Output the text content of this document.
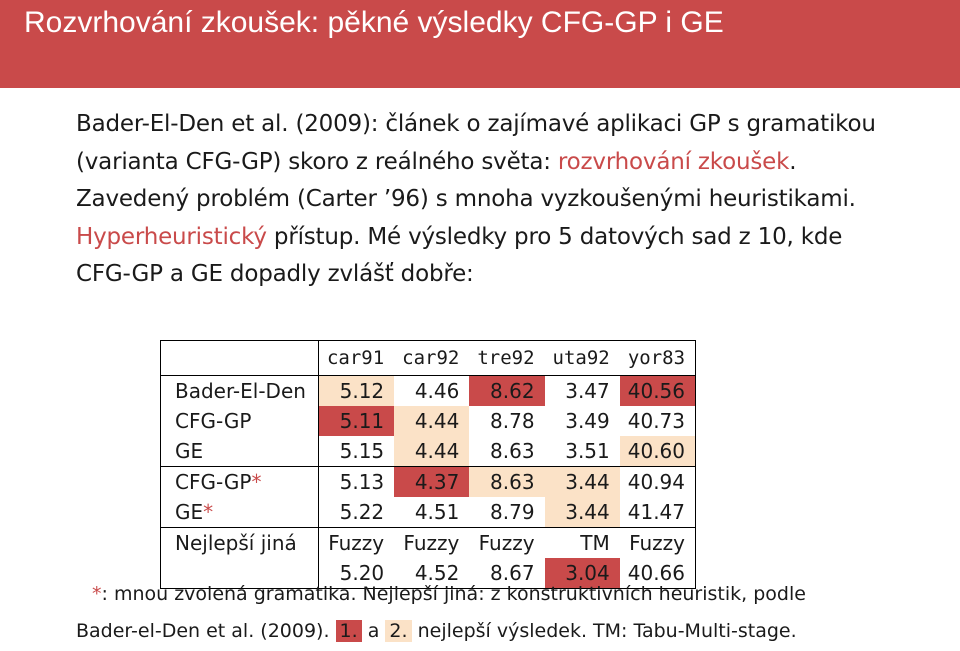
Rozvrhování zkoušek: pěkné výsledky CFG-GP i GE
Bader-El-Den et al. (2009): článek o zajímavé aplikaci GP s gramatikou (varianta CFG-GP) skoro z reálného světa: rozvrhování zkoušek. Zavedený problém (Carter ’96) s mnoha vyzkoušenými heuristikami. Hyperheuristický přístup. Mé výsledky pro 5 datových sad z 10, kde CFG-GP a GE dopadly zvlášť dobře:
	car91	car92	tre92	uta92	yor83
Bader-El-Den	5.12	4.46	8.62	3.47	40.56
CFG-GP	5.11	4.44	8.78	3.49	40.73
GE	5.15	4.44	8.63	3.51	40.60
CFG-GP*	5.13	4.37	8.63	3.44	40.94
GE*	5.22	4.51	8.79	3.44	41.47
Nejlepší jiná	Fuzzy	Fuzzy	Fuzzy	TM	Fuzzy
	5.20	4.52	8.67	3.04	40.66
*: mnou zvolená gramatika. Nejlepší jiná: z konstruktivních heuristik, podle
Bader-el-Den et al. (2009). 1. a 2. nejlepší výsledek. TM: Tabu-Multi-stage.
